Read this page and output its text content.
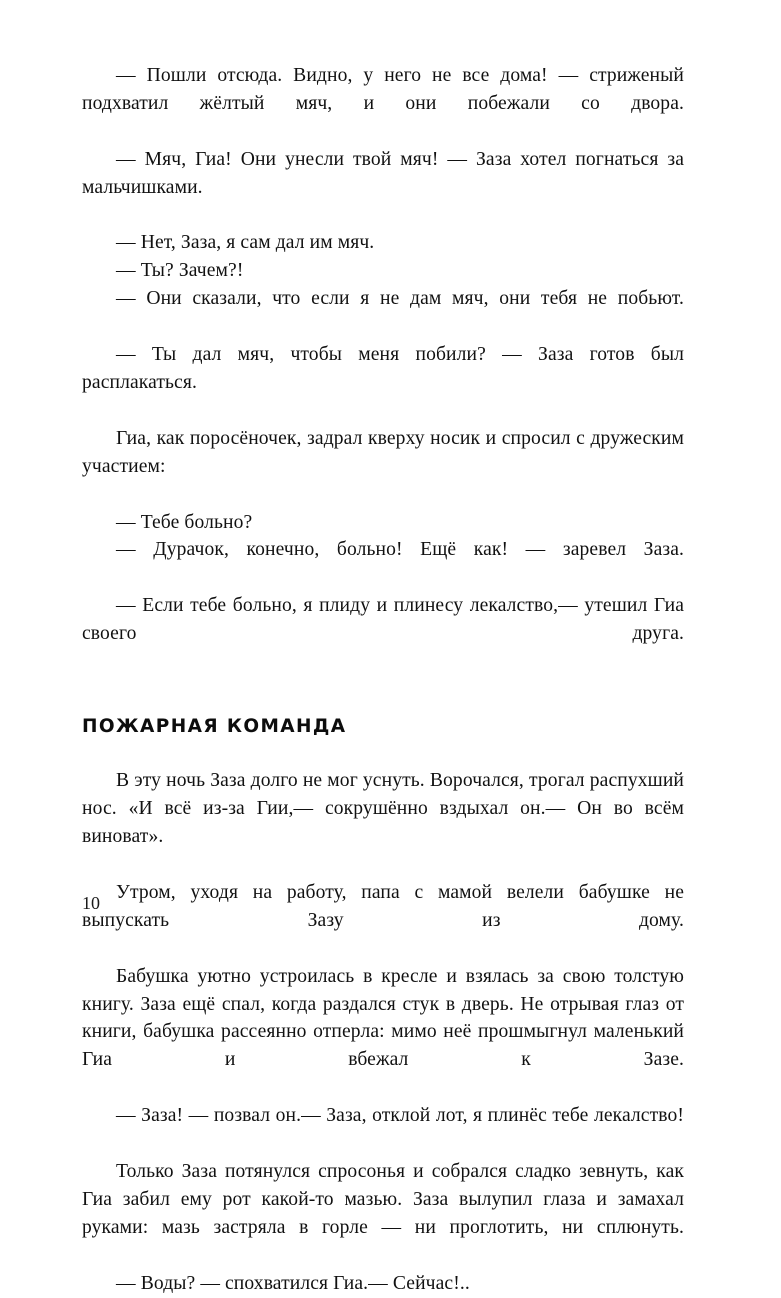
— Пошли отсюда. Видно, у него не все дома! — стриженый подхватил жёлтый мяч, и они побежали со двора.

— Мяч, Гиа! Они унесли твой мяч! — Заза хотел погнаться за мальчишками.

— Нет, Заза, я сам дал им мяч.

— Ты? Зачем?!

— Они сказали, что если я не дам мяч, они тебя не побьют.

— Ты дал мяч, чтобы меня побили? — Заза готов был расплакаться.

Гиа, как поросёночек, задрал кверху носик и спросил с дружеским участием:

— Тебе больно?

— Дурачок, конечно, больно! Ещё как! — заревел Заза.

— Если тебе больно, я плиду и плинесу лекалство,— утешил Гиа своего друга.

ПОЖАРНАЯ КОМАНДА

В эту ночь Заза долго не мог уснуть. Ворочался, трогал распухший нос. «И всё из-за Гии,— сокрушённо вздыхал он.— Он во всём виноват».

Утром, уходя на работу, папа с мамой велели бабушке не выпускать Зазу из дому.

Бабушка уютно устроилась в кресле и взялась за свою толстую книгу. Заза ещё спал, когда раздался стук в дверь. Не отрывая глаз от книги, бабушка рассеянно отперла: мимо неё прошмыгнул маленький Гиа и вбежал к Зазе.

— Заза! — позвал он.— Заза, отклой лот, я плинёс тебе лекалство!

Только Заза потянулся спросонья и собрался сладко зевнуть, как Гиа забил ему рот какой-то мазью. Заза вылупил глаза и замахал руками: мазь застряла в горле — ни проглотить, ни сплюнуть.

— Воды? — спохватился Гиа.— Сейчас!..

10
